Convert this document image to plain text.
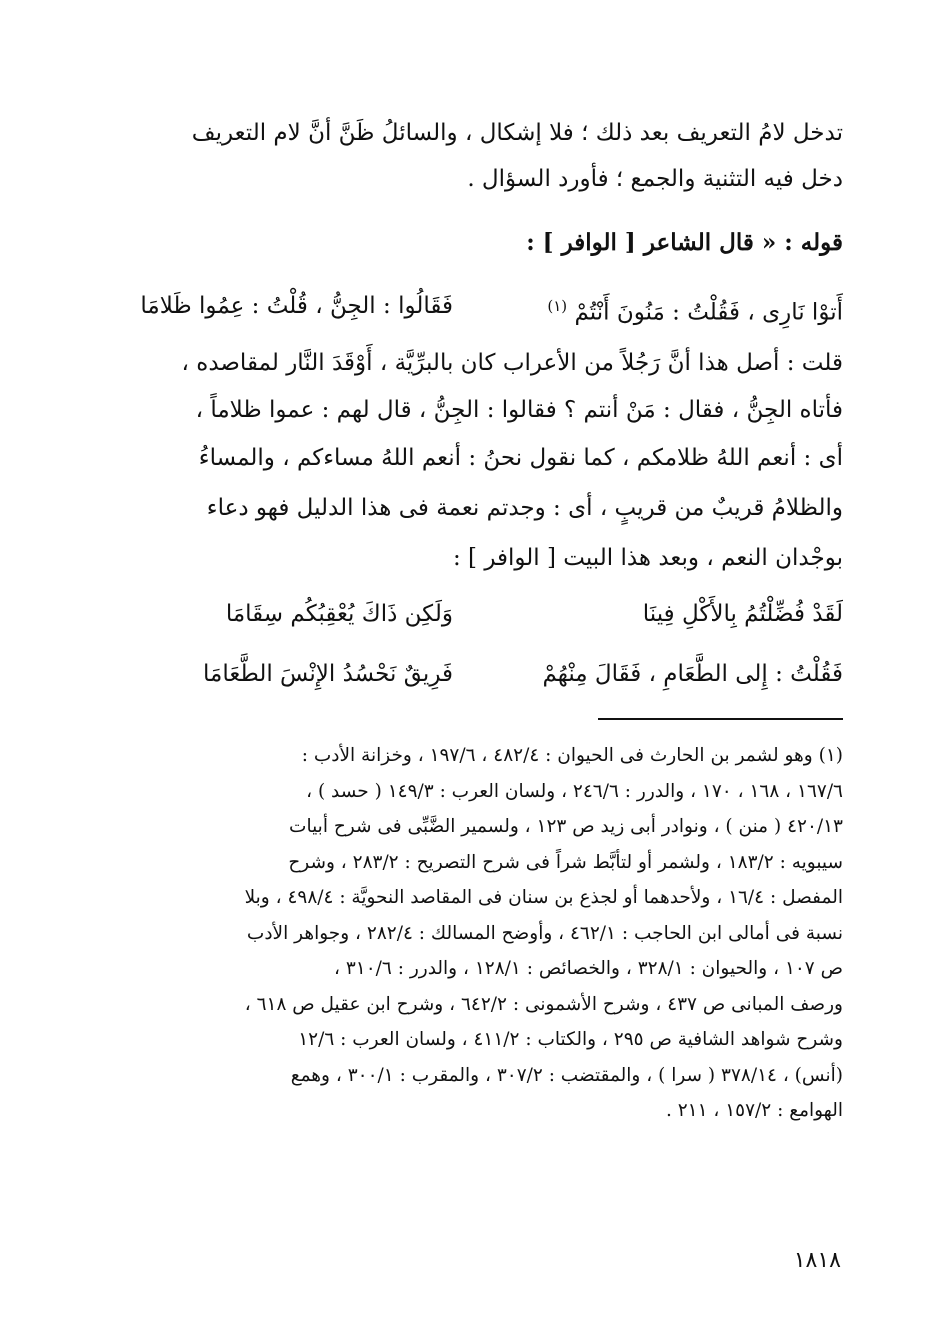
تدخل لامُ التعريف بعد ذلك ؛ فلا إشكال ، والسائلُ ظَنَّ أنَّ لام التعريف
دخل فيه التثنية والجمع ؛ فأورد السؤال .
قوله : « قال الشاعر [ الوافر ] :
أَتوْا نَارِى ، فَقُلْتُ : مَنُونَ أَنْتُمْ $^{(١)}$
فَقَالُوا : الجِنُّ ، قُلْتُ : عِمُوا ظَلامَا
قلت : أصل هذا أنَّ رَجُلاً من الأعراب كان بالبرِّيَّة ، أَوْقَدَ النَّار لمقاصده ،
فأتاه الجِنُّ ، فقال : مَنْ أنتم ؟ فقالوا : الجِنُّ ، قال لهم : عموا ظلاماً ،
أى : أنعم اللهُ ظلامكم ، كما نقول نحنُ : أنعم اللهُ مساءكم ، والمساءُ
والظلامُ قريبٌ من قريبٍ ، أى : وجدتم نعمة فى هذا الدليل فهو دعاء
بوجْدان النعم ، وبعد هذا البيت [ الوافر ] :
لَقَدْ فُضِّلْتُمُ بِالأَكْلِ فِينَا
وَلَكِن ذَاكَ يُعْقِبُكُم سِقَامَا
فَقُلْتُ : إِلى الطَّعَامِ ، فَقَالَ مِنْهُمْ
فَرِيقٌ نَحْسُدُ الإِنْسَ الطَّعَامَا
(١) وهو لشمر بن الحارث فى الحيوان : ٤٨٢/٤ ، ١٩٧/٦ ، وخزانة الأدب :
١٦٧/٦ ، ١٦٨ ، ١٧٠ ، والدرر : ٢٤٦/٦ ، ولسان العرب : ١٤٩/٣ ( حسد ) ،
٤٢٠/١٣ ( منن ) ، ونوادر أبى زيد ص ١٢٣ ، ولسمير الضَّبِّى فى شرح أبيات
سيبويه : ١٨٣/٢ ، ولشمر أو لتأبَّط شراً فى شرح التصريح : ٢٨٣/٢ ، وشرح
المفصل : ١٦/٤ ، ولأحدهما أو لجذع بن سنان فى المقاصد النحويَّة : ٤٩٨/٤ ، وبلا
نسبة فى أمالى ابن الحاجب : ٤٦٢/١ ، وأوضح المسالك : ٢٨٢/٤ ، وجواهر الأدب
ص ١٠٧ ، والحيوان : ٣٢٨/١ ، والخصائص : ١٢٨/١ ، والدرر : ٣١٠/٦ ،
ورصف المبانى ص ٤٣٧ ، وشرح الأشمونى : ٦٤٢/٢ ، وشرح ابن عقيل ص ٦١٨ ،
وشرح شواهد الشافية ص ٢٩٥ ، والكتاب : ٤١١/٢ ، ولسان العرب : ١٢/٦
(أنس) ، ٣٧٨/١٤ ( سرا ) ، والمقتضب : ٣٠٧/٢ ، والمقرب : ٣٠٠/١ ، وهمع
الهوامع : ١٥٧/٢ ، ٢١١ .
١٨١٨
